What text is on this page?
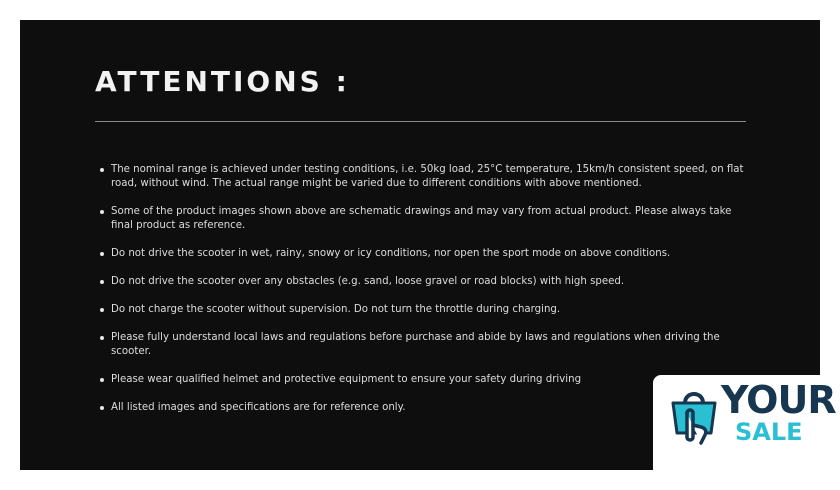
ATTENTIONS :
The nominal range is achieved under testing conditions, i.e. 50kg load, 25°C temperature, 15km/h consistent speed, on flat road, without wind. The actual range might be varied due to different conditions with above mentioned.
Some of the product images shown above are schematic drawings and may vary from actual product. Please always take final product as reference.
Do not drive the scooter in wet, rainy, snowy or icy conditions, nor open the sport mode on above conditions.
Do not drive the scooter over any obstacles (e.g. sand, loose gravel or road blocks) with high speed.
Do not charge the scooter without supervision. Do not turn the throttle during charging.
Please fully understand local laws and regulations before purchase and abide by laws and regulations when driving the scooter.
Please wear qualified helmet and protective equipment to ensure your safety during driving
All listed images and specifications are for reference only.	YOUR
SALE
